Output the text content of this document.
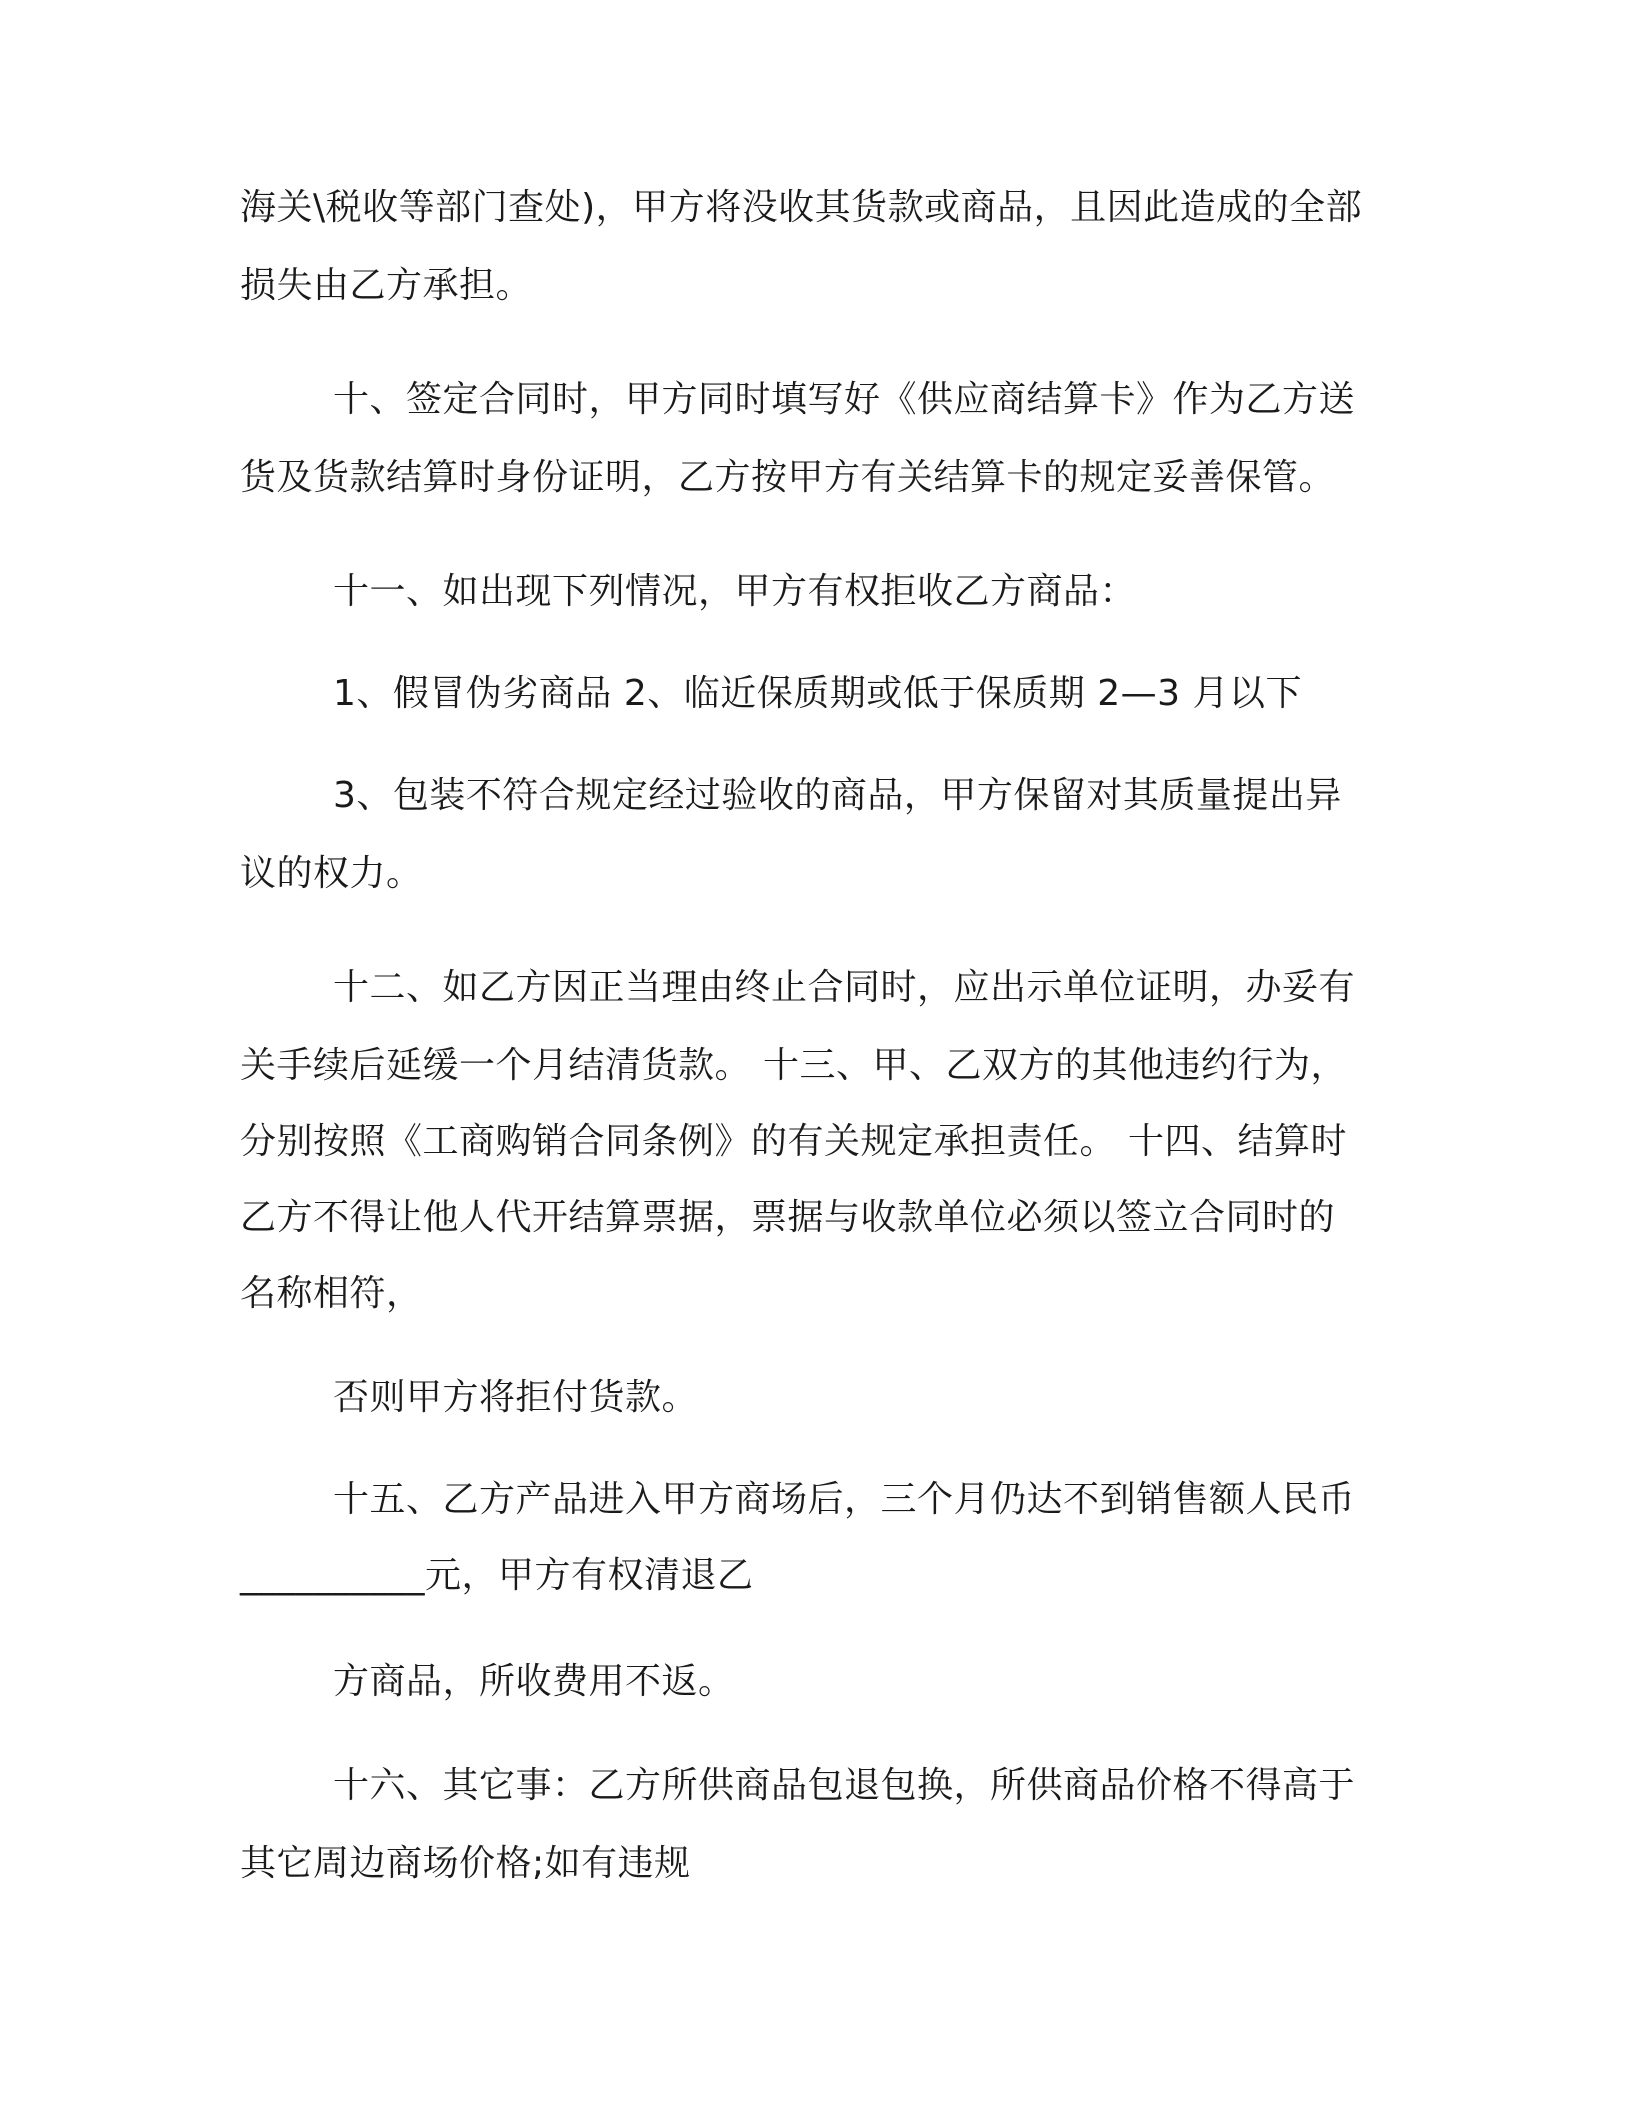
海关\税收等部门查处)，甲方将没收其货款或商品，且因此造成的全部
损失由乙方承担。
十、签定合同时，甲方同时填写好《供应商结算卡》作为乙方送
货及货款结算时身份证明，乙方按甲方有关结算卡的规定妥善保管。
十一、如出现下列情况，甲方有权拒收乙方商品：
1、假冒伪劣商品 2、临近保质期或低于保质期 2—3 月以下
3、包装不符合规定经过验收的商品，甲方保留对其质量提出异
议的权力。
十二、如乙方因正当理由终止合同时，应出示单位证明，办妥有
关手续后延缓一个月结清货款。 十三、甲、乙双方的其他违约行为，
分别按照《工商购销合同条例》的有关规定承担责任。 十四、结算时
乙方不得让他人代开结算票据，票据与收款单位必须以签立合同时的
名称相符，
否则甲方将拒付货款。
十五、乙方产品进入甲方商场后，三个月仍达不到销售额人民币
__________元，甲方有权清退乙
方商品，所收费用不返。
十六、其它事：乙方所供商品包退包换，所供商品价格不得高于
其它周边商场价格;如有违规
